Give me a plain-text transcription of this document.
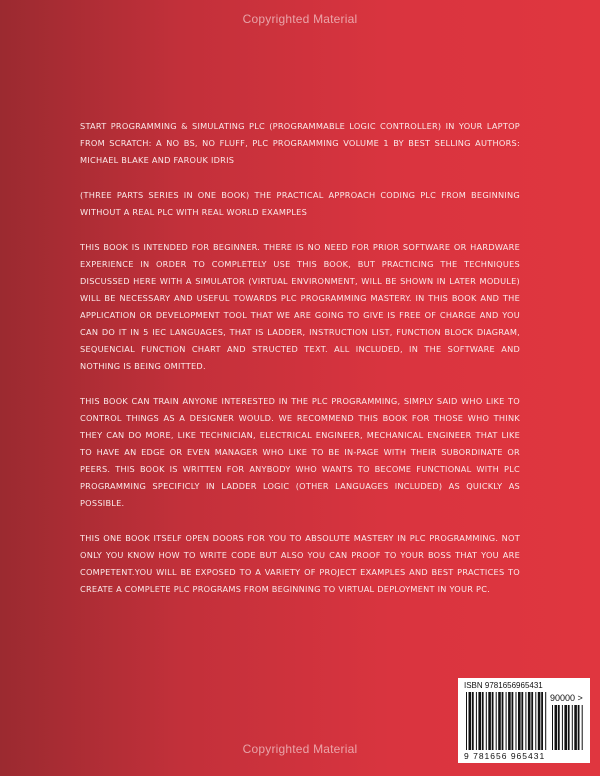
Copyrighted Material

START PROGRAMMING & SIMULATING PLC (PROGRAMMABLE LOGIC CONTROLLER) IN YOUR LAPTOP FROM SCRATCH: A NO BS, NO FLUFF, PLC PROGRAMMING VOLUME 1 BY BEST SELLING AUTHORS: MICHAEL BLAKE AND FAROUK IDRIS

(THREE PARTS SERIES IN ONE BOOK) THE PRACTICAL APPROACH CODING PLC FROM BEGINNING WITHOUT A REAL PLC WITH REAL WORLD EXAMPLES

THIS BOOK IS INTENDED FOR BEGINNER. THERE IS NO NEED FOR PRIOR SOFTWARE OR HARDWARE EXPERIENCE IN ORDER TO COMPLETELY USE THIS BOOK, BUT PRACTICING THE TECHNIQUES DISCUSSED HERE WITH A SIMULATOR (VIRTUAL ENVIRONMENT, WILL BE SHOWN IN LATER MODULE) WILL BE NECESSARY AND USEFUL TOWARDS PLC PROGRAMMING MASTERY. IN THIS BOOK AND THE APPLICATION OR DEVELOPMENT TOOL THAT WE ARE GOING TO GIVE IS FREE OF CHARGE AND YOU CAN DO IT IN 5 IEC LANGUAGES, THAT IS LADDER, INSTRUCTION LIST, FUNCTION BLOCK DIAGRAM, SEQUENCIAL FUNCTION CHART AND STRUCTED TEXT. ALL INCLUDED, IN THE SOFTWARE AND NOTHING IS BEING OMITTED.

THIS BOOK CAN TRAIN ANYONE INTERESTED IN THE PLC PROGRAMMING, SIMPLY SAID WHO LIKE TO CONTROL THINGS AS A DESIGNER WOULD. WE RECOMMEND THIS BOOK FOR THOSE WHO THINK THEY CAN DO MORE, LIKE TECHNICIAN, ELECTRICAL ENGINEER, MECHANICAL ENGINEER THAT LIKE TO HAVE AN EDGE OR EVEN MANAGER WHO LIKE TO BE IN-PAGE WITH THEIR SUBORDINATE OR PEERS. THIS BOOK IS WRITTEN FOR ANYBODY WHO WANTS TO BECOME FUNCTIONAL WITH PLC PROGRAMMING SPECIFICLY IN LADDER LOGIC (OTHER LANGUAGES INCLUDED) AS QUICKLY AS POSSIBLE.

THIS ONE BOOK ITSELF OPEN DOORS FOR YOU TO ABSOLUTE MASTERY IN PLC PROGRAMMING. NOT ONLY YOU KNOW HOW TO WRITE CODE BUT ALSO YOU CAN PROOF TO YOUR BOSS THAT YOU ARE COMPETENT.YOU WILL BE EXPOSED TO A VARIETY OF PROJECT EXAMPLES AND BEST PRACTICES TO CREATE A COMPLETE PLC PROGRAMS FROM BEGINNING TO VIRTUAL DEPLOYMENT IN YOUR PC.

ISBN 9781656965431
90000 >
9 781656 965431
Copyrighted Material
